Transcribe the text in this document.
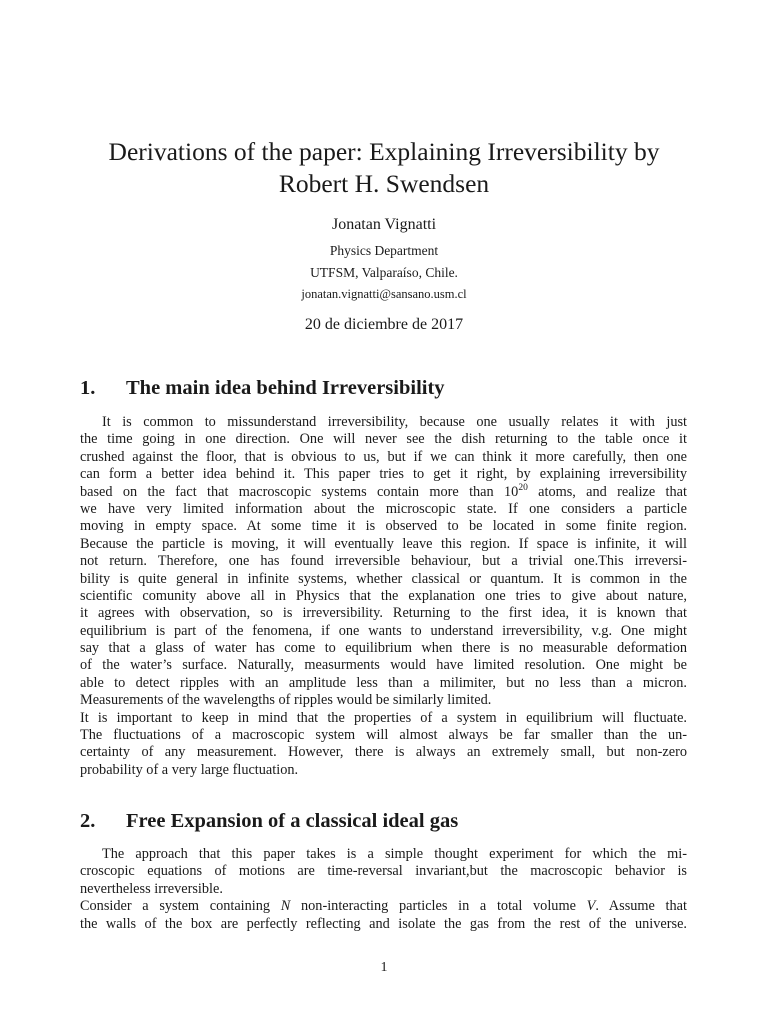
Derivations of the paper: Explaining Irreversibility by
Robert H. Swendsen
Jonatan Vignatti
Physics Department
UTFSM, Valparaíso, Chile.
jonatan.vignatti@sansano.usm.cl
20 de diciembre de 2017
1. The main idea behind Irreversibility
It is common to missunderstand irreversibility, because one usually relates it with just
the time going in one direction. One will never see the dish returning to the table once it
crushed against the floor, that is obvious to us, but if we can think it more carefully, then one
can form a better idea behind it. This paper tries to get it right, by explaining irreversibility
based on the fact that macroscopic systems contain more than $10^{20}$ atoms, and realize that
we have very limited information about the microscopic state. If one considers a particle
moving in empty space. At some time it is observed to be located in some finite region.
Because the particle is moving, it will eventually leave this region. If space is infinite, it will
not return. Therefore, one has found irreversible behaviour, but a trivial one.This irreversi-
bility is quite general in infinite systems, whether classical or quantum. It is common in the
scientific comunity above all in Physics that the explanation one tries to give about nature,
it agrees with observation, so is irreversibility. Returning to the first idea, it is known that
equilibrium is part of the fenomena, if one wants to understand irreversibility, v.g. One might
say that a glass of water has come to equilibrium when there is no measurable deformation
of the water’s surface. Naturally, measurments would have limited resolution. One might be
able to detect ripples with an amplitude less than a milimiter, but no less than a micron.
Measurements of the wavelengths of ripples would be similarly limited.
It is important to keep in mind that the properties of a system in equilibrium will fluctuate.
The fluctuations of a macroscopic system will almost always be far smaller than the un-
certainty of any measurement. However, there is always an extremely small, but non-zero
probability of a very large fluctuation.
2. Free Expansion of a classical ideal gas
The approach that this paper takes is a simple thought experiment for which the mi-
croscopic equations of motions are time-reversal invariant,but the macroscopic behavior is
nevertheless irreversible.
Consider a system containing N non-interacting particles in a total volume V. Assume that
the walls of the box are perfectly reflecting and isolate the gas from the rest of the universe.
1
